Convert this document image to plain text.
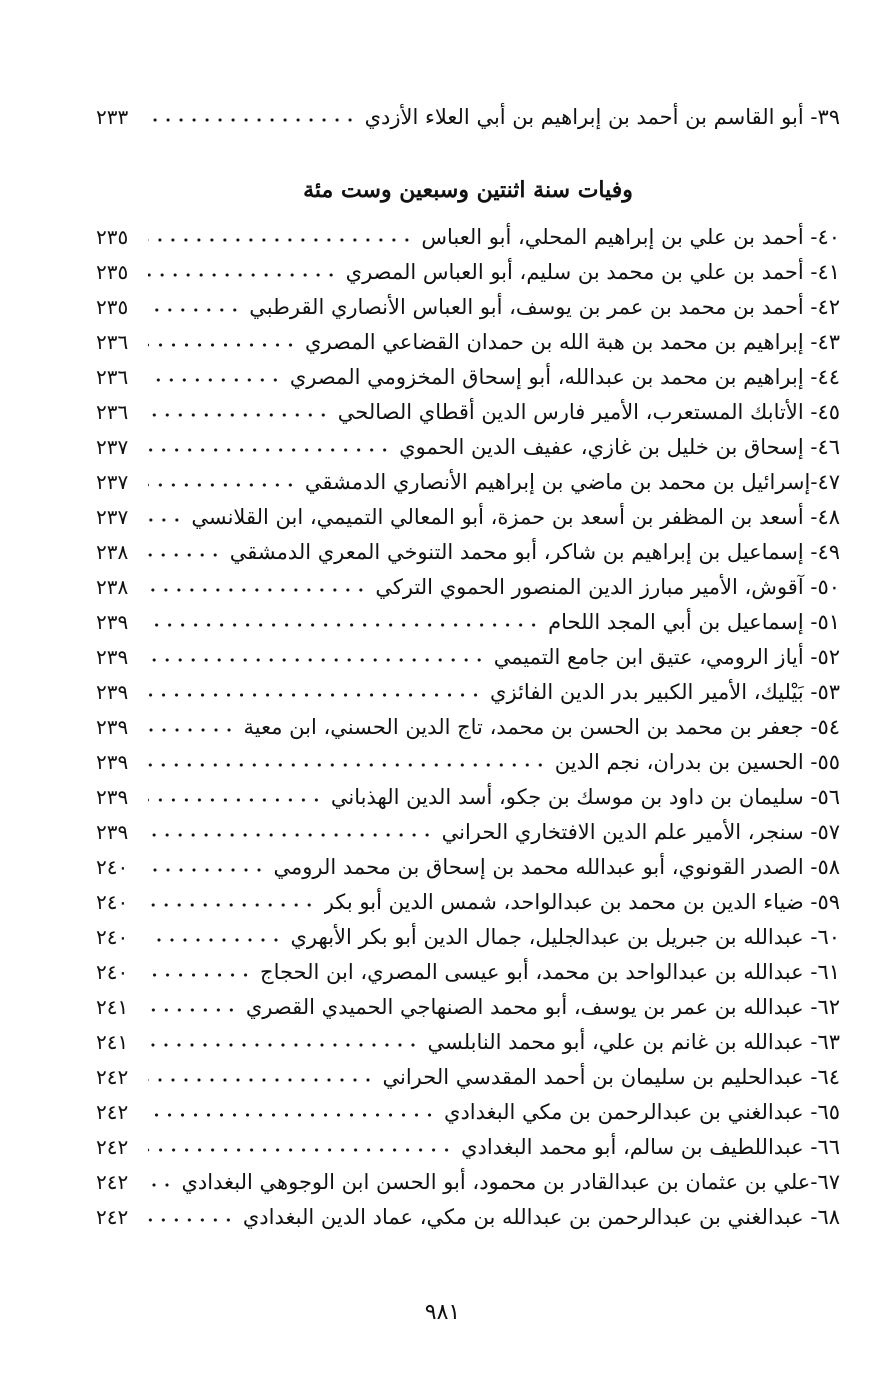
٣٩- أبو القاسم بن أحمد بن إبراهيم بن أبي العلاء الأزدي
٢٣٣
وفيات سنة اثنتين وسبعين وست مئة
٤٠- أحمد بن علي بن إبراهيم المحلي، أبو العباس
٢٣٥
٤١- أحمد بن علي بن محمد بن سليم، أبو العباس المصري
٢٣٥
٤٢- أحمد بن محمد بن عمر بن يوسف، أبو العباس الأنصاري القرطبي
٢٣٥
٤٣- إبراهيم بن محمد بن هبة الله بن حمدان القضاعي المصري
٢٣٦
٤٤- إبراهيم بن محمد بن عبدالله، أبو إسحاق المخزومي المصري
٢٣٦
٤٥- الأتابك المستعرب، الأمير فارس الدين أقطاي الصالحي
٢٣٦
٤٦- إسحاق بن خليل بن غازي، عفيف الدين الحموي
٢٣٧
٤٧-إسرائيل بن محمد بن ماضي بن إبراهيم الأنصاري الدمشقي
٢٣٧
٤٨- أسعد بن المظفر بن أسعد بن حمزة، أبو المعالي التميمي، ابن القلانسي
٢٣٧
٤٩- إسماعيل بن إبراهيم بن شاكر، أبو محمد التنوخي المعري الدمشقي
٢٣٨
٥٠- آقوش، الأمير مبارز الدين المنصور الحموي التركي
٢٣٨
٥١- إسماعيل بن أبي المجد اللحام
٢٣٩
٥٢- أياز الرومي، عتيق ابن جامع التميمي
٢٣٩
٥٣- بَيْليك، الأمير الكبير بدر الدين الفائزي
٢٣٩
٥٤- جعفر بن محمد بن الحسن بن محمد، تاج الدين الحسني، ابن معية
٢٣٩
٥٥- الحسين بن بدران، نجم الدين
٢٣٩
٥٦- سليمان بن داود بن موسك بن جكو، أسد الدين الهذباني
٢٣٩
٥٧- سنجر، الأمير علم الدين الافتخاري الحراني
٢٣٩
٥٨- الصدر القونوي، أبو عبدالله محمد بن إسحاق بن محمد الرومي
٢٤٠
٥٩- ضياء الدين بن محمد بن عبدالواحد، شمس الدين أبو بكر
٢٤٠
٦٠- عبدالله بن جبريل بن عبدالجليل، جمال الدين أبو بكر الأبهري
٢٤٠
٦١- عبدالله بن عبدالواحد بن محمد، أبو عيسى المصري، ابن الحجاج
٢٤٠
٦٢- عبدالله بن عمر بن يوسف، أبو محمد الصنهاجي الحميدي القصري
٢٤١
٦٣- عبدالله بن غانم بن علي، أبو محمد النابلسي
٢٤١
٦٤- عبدالحليم بن سليمان بن أحمد المقدسي الحراني
٢٤٢
٦٥- عبدالغني بن عبدالرحمن بن مكي البغدادي
٢٤٢
٦٦- عبداللطيف بن سالم، أبو محمد البغدادي
٢٤٢
٦٧-علي بن عثمان بن عبدالقادر بن محمود، أبو الحسن ابن الوجوهي البغدادي
٢٤٢
٦٨- عبدالغني بن عبدالرحمن بن عبدالله بن مكي، عماد الدين البغدادي
٢٤٢
٩٨١
